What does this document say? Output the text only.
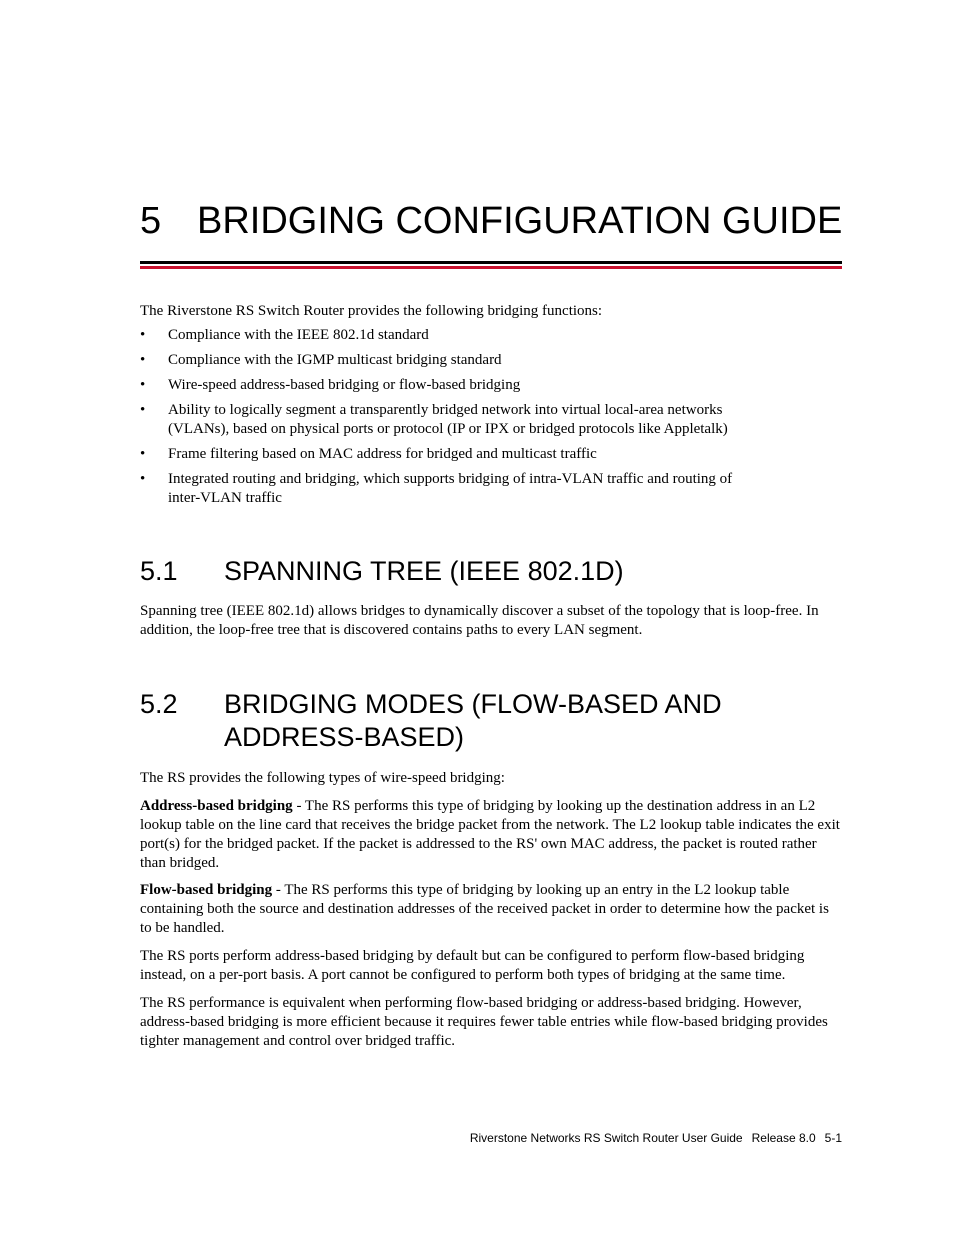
5 BRIDGING CONFIGURATION GUIDE
The Riverstone RS Switch Router provides the following bridging functions:
• Compliance with the IEEE 802.1d standard
• Compliance with the IGMP multicast bridging standard
• Wire-speed address-based bridging or flow-based bridging
• Ability to logically segment a transparently bridged network into virtual local-area networks (VLANs), based on physical ports or protocol (IP or IPX or bridged protocols like Appletalk)
• Frame filtering based on MAC address for bridged and multicast traffic
• Integrated routing and bridging, which supports bridging of intra-VLAN traffic and routing of inter-VLAN traffic
5.1 SPANNING TREE (IEEE 802.1D)
Spanning tree (IEEE 802.1d) allows bridges to dynamically discover a subset of the topology that is loop-free. In addition, the loop-free tree that is discovered contains paths to every LAN segment.
5.2 BRIDGING MODES (FLOW-BASED AND ADDRESS-BASED)
The RS provides the following types of wire-speed bridging:
Address-based bridging - The RS performs this type of bridging by looking up the destination address in an L2 lookup table on the line card that receives the bridge packet from the network. The L2 lookup table indicates the exit port(s) for the bridged packet. If the packet is addressed to the RS' own MAC address, the packet is routed rather than bridged.
Flow-based bridging - The RS performs this type of bridging by looking up an entry in the L2 lookup table containing both the source and destination addresses of the received packet in order to determine how the packet is to be handled.
The RS ports perform address-based bridging by default but can be configured to perform flow-based bridging instead, on a per-port basis. A port cannot be configured to perform both types of bridging at the same time.
The RS performance is equivalent when performing flow-based bridging or address-based bridging. However, address-based bridging is more efficient because it requires fewer table entries while flow-based bridging provides tighter management and control over bridged traffic.
Riverstone Networks RS Switch Router User Guide Release 8.0 5-1
